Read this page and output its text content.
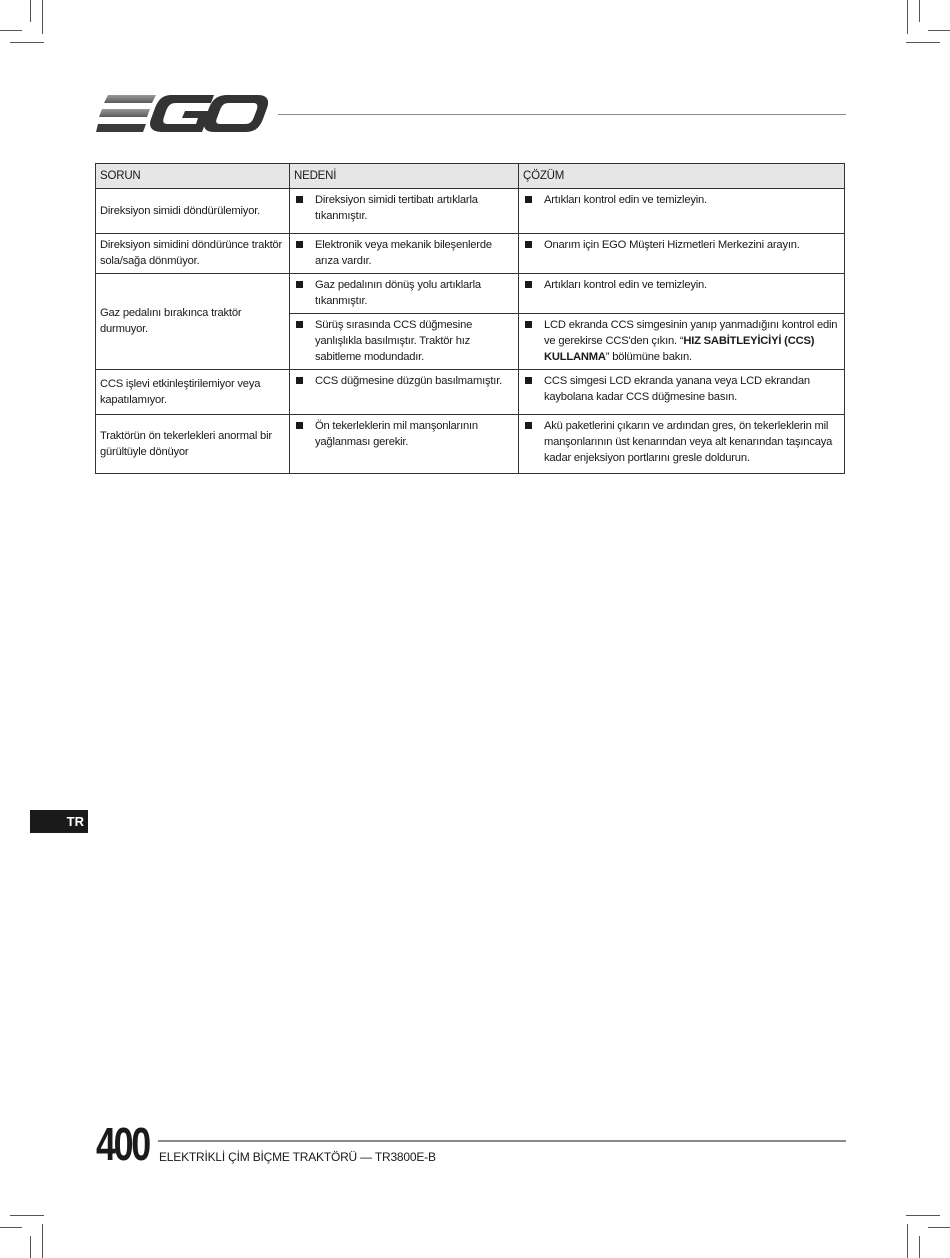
SORUN	NEDENİ	ÇÖZÜM
Direksiyon simidi döndürülemiyor.	Direksiyon simidi tertibatı artıklarla tıkanmıştır.	Artıkları kontrol edin ve temizleyin.

Direksiyon simidini döndürünce traktör sola/sağa dönmüyor.	Elektronik veya mekanik bileşenlerde arıza vardır.	Onarım için EGO Müşteri Hizmetleri Merkezini arayın.

Gaz pedalını bırakınca traktör durmuyor.	Gaz pedalının dönüş yolu artıklarla tıkanmıştır.	Artıkları kontrol edin ve temizleyin.

	Sürüş sırasında CCS düğmesine yanlışlıkla basılmıştır. Traktör hız sabitleme modundadır.	LCD ekranda CCS simgesinin yanıp yanmadığını kontrol edin ve gerekirse CCS'den çıkın. “HIZ SABİTLEYİCİYİ (CCS) KULLANMA” bölümüne bakın.

CCS işlevi etkinleştirilemiyor veya kapatılamıyor.	CCS düğmesine düzgün basılmamıştır.	CCS simgesi LCD ekranda yanana veya LCD ekrandan kaybolana kadar CCS düğmesine basın.

Traktörün ön tekerlekleri anormal bir gürültüyle dönüyor	Ön tekerleklerin mil manşonlarının yağlanması gerekir.	Akü paketlerini çıkarın ve ardından gres, ön tekerleklerin mil manşonlarının üst kenarından veya alt kenarından taşıncaya kadar enjeksiyon portlarını gresle doldurun.
TR
400 ELEKTRİKLİ ÇİM BİÇME TRAKTÖRÜ — TR3800E-B
